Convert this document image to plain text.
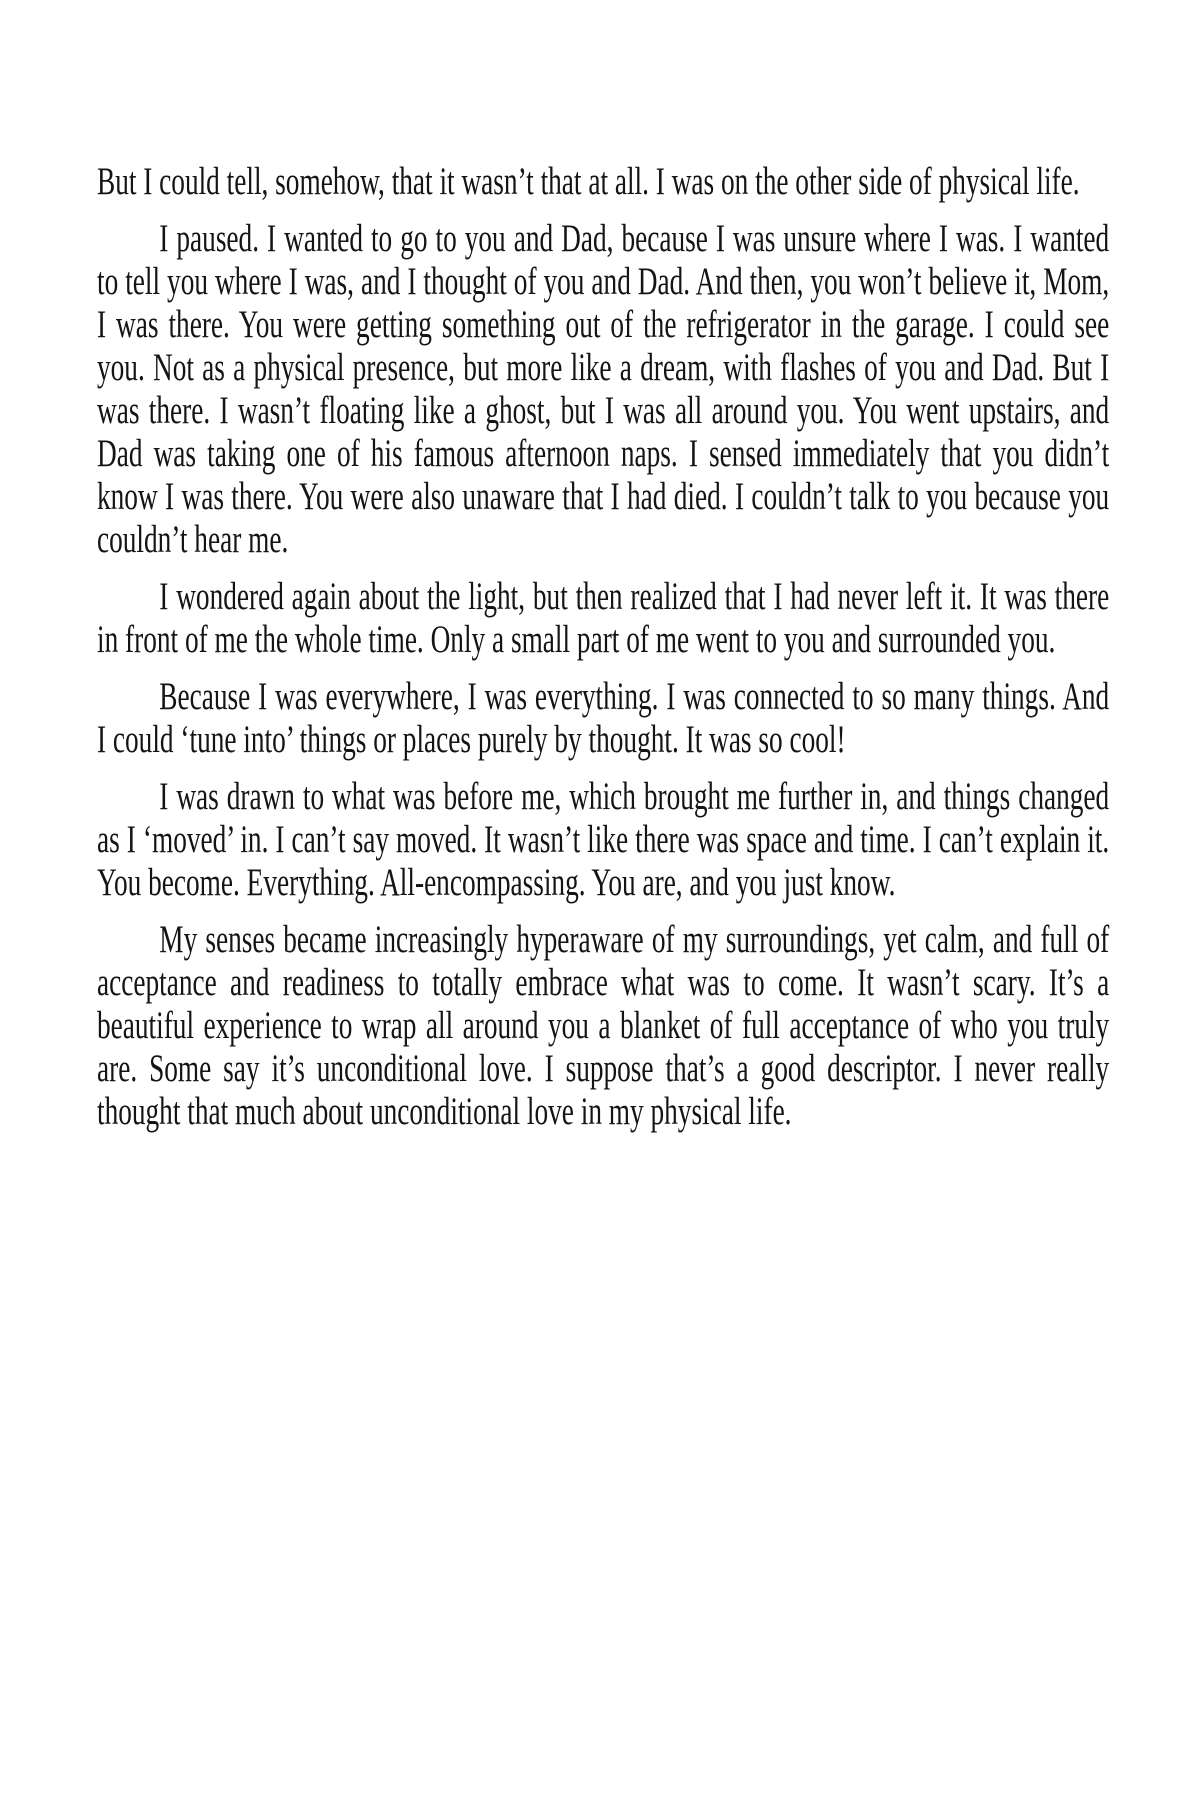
But I could tell, somehow, that it wasn’t that at all. I was on the other side of physical life.

I paused. I wanted to go to you and Dad, because I was unsure where I was. I wanted to tell you where I was, and I thought of you and Dad. And then, you won’t believe it, Mom, I was there. You were getting something out of the refrigerator in the garage. I could see you. Not as a physical presence, but more like a dream, with flashes of you and Dad. But I was there. I wasn’t floating like a ghost, but I was all around you. You went upstairs, and Dad was taking one of his famous afternoon naps. I sensed immediately that you didn’t know I was there. You were also unaware that I had died. I couldn’t talk to you because you couldn’t hear me.

I wondered again about the light, but then realized that I had never left it. It was there in front of me the whole time. Only a small part of me went to you and surrounded you.

Because I was everywhere, I was everything. I was connected to so many things. And I could ‘tune into’ things or places purely by thought. It was so cool!

I was drawn to what was before me, which brought me further in, and things changed as I ‘moved’ in. I can’t say moved. It wasn’t like there was space and time. I can’t explain it. You become. Everything. All-encompassing. You are, and you just know.

My senses became increasingly hyperaware of my surroundings, yet calm, and full of acceptance and readiness to totally embrace what was to come. It wasn’t scary. It’s a beautiful experience to wrap all around you a blanket of full acceptance of who you truly are. Some say it’s unconditional love. I suppose that’s a good descriptor. I never really thought that much about unconditional love in my physical life.
